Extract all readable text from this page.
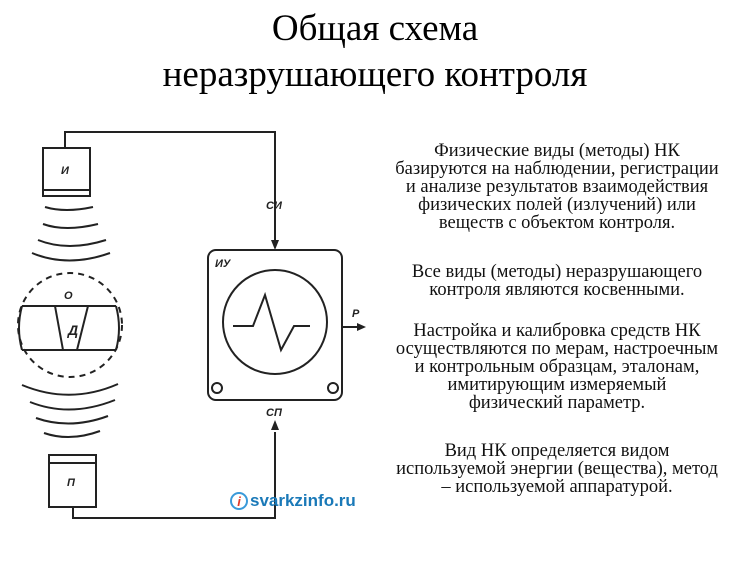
Общая схема
неразрушающего контроля
И
О
Д
П
ИУ
СИ
СП
Р

Физические виды (методы) НК

базируются на наблюдении, регистрации

и анализе результатов взаимодействия

физических полей (излучений) или

веществ с объектом контроля.

Все виды (методы) неразрушающего

контроля являются косвенными.

Настройка и калибровка средств НК

осуществляются по мерам, настроечным

и контрольным образцам, эталонам,

имитирующим измеряемый

физический параметр.

Вид НК определяется видом

используемой энергии (вещества), метод

– используемой аппаратурой.

i svarkzinfo.ru
